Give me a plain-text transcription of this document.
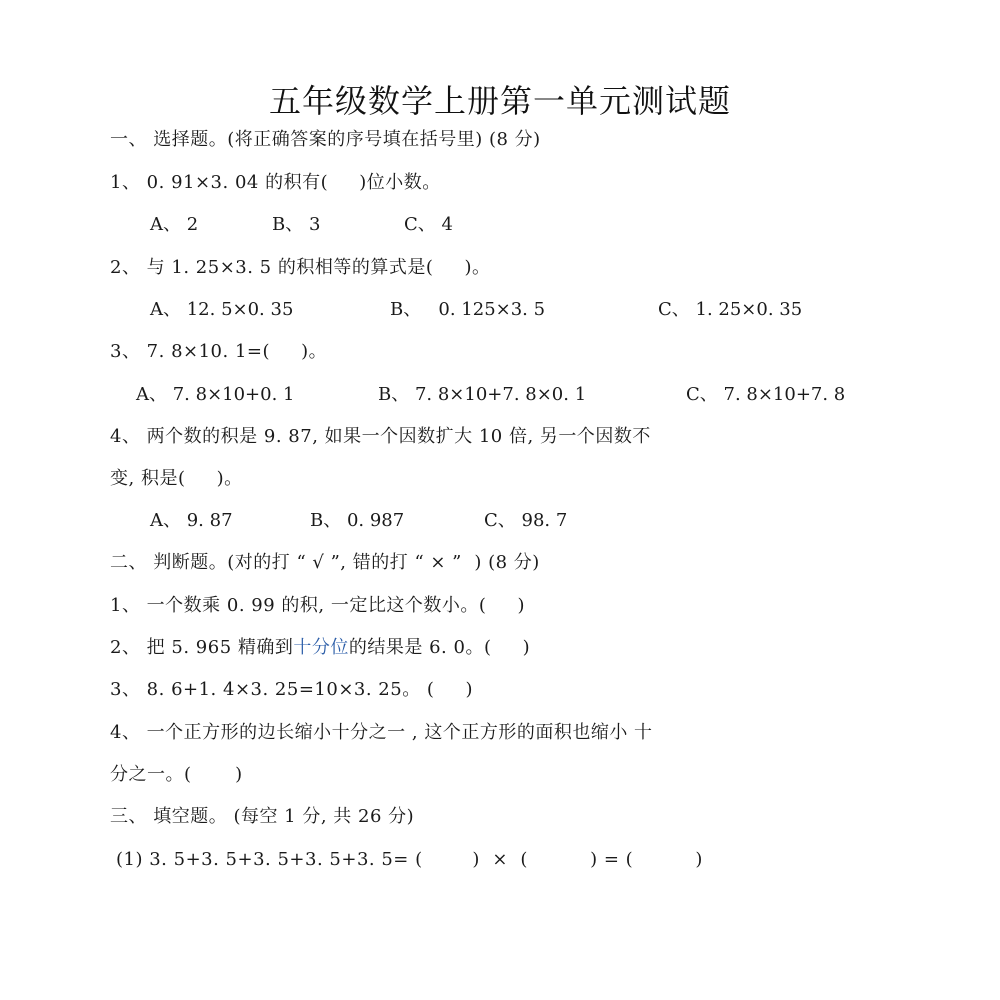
五年级数学上册第一单元测试题
一、 选择题。(将正确答案的序号填在括号里) (8 分)
1、 0. 91×3. 04 的积有(     )位小数。
A、 2	B、 3	C、 4
2、 与 1. 25×3. 5 的积相等的算式是(     )。
A、 12. 5×0. 35	B、   0. 125×3. 5	C、 1. 25×0. 35
3、 7. 8×10. 1=(     )。
A、 7. 8×10+0. 1	B、 7. 8×10+7. 8×0. 1	C、 7. 8×10+7. 8
4、 两个数的积是 9. 87, 如果一个因数扩大 10 倍, 另一个因数不
变, 积是(     )。
A、 9. 87	B、 0. 987	C、 98. 7
二、 判断题。(对的打 “ √ ”, 错的打 “ × ”  ) (8 分)
1、 一个数乘 0. 99 的积, 一定比这个数小。(     )
2、 把 5. 965 精确到十分位的结果是 6. 0。(     )
3、 8. 6+1. 4×3. 25=10×3. 25。 (     )
4、 一个正方形的边长缩小十分之一 , 这个正方形的面积也缩小 十
分之一。(       )
三、 填空题。 (每空 1 分, 共 26 分)
(1) 3. 5+3. 5+3. 5+3. 5+3. 5= (        )  ×  (          ) = (          )
